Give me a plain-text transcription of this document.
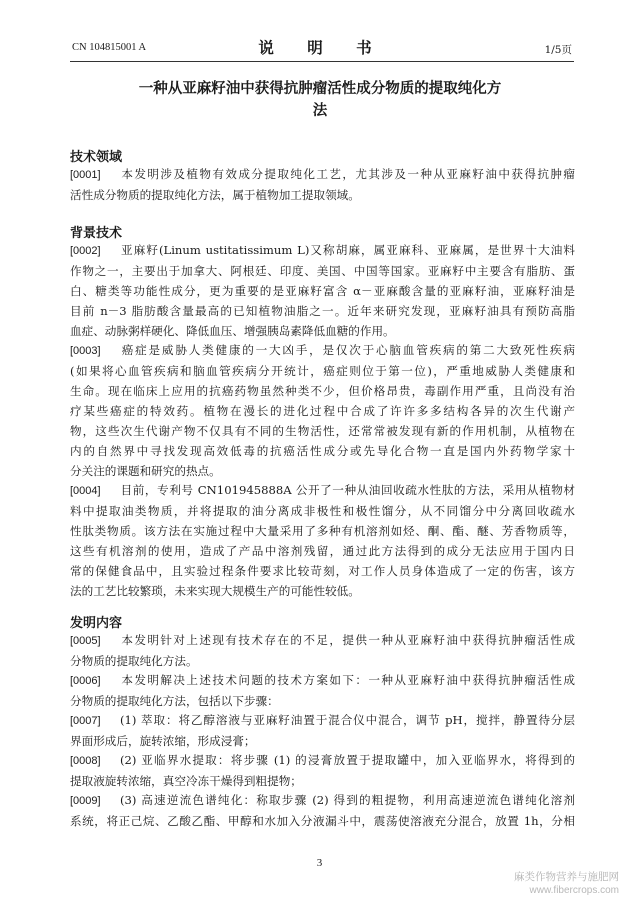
CN 104815001 A	说 明 书	1/5页
一种从亚麻籽油中获得抗肿瘤活性成分物质的提取纯化方
法
技术领域
[0001] 本发明涉及植物有效成分提取纯化工艺，尤其涉及一种从亚麻籽油中获得抗肿瘤
活性成分物质的提取纯化方法，属于植物加工提取领域。
背景技术
[0002] 亚麻籽(Linum ustitatissimum L)又称胡麻，属亚麻科、亚麻属，是世界十大油料
作物之一，主要出于加拿大、阿根廷、印度、美国、中国等国家。亚麻籽中主要含有脂肪、蛋
白、糖类等功能性成分，更为重要的是亚麻籽富含 α－亚麻酸含量的亚麻籽油，亚麻籽油是
目前 n－3 脂肪酸含量最高的已知植物油脂之一。近年来研究发现，亚麻籽油具有预防高脂
血症、动脉粥样硬化、降低血压、增强胰岛素降低血糖的作用。
[0003] 癌症是威胁人类健康的一大凶手，是仅次于心脑血管疾病的第二大致死性疾病
(如果将心血管疾病和脑血管疾病分开统计，癌症则位于第一位)，严重地威胁人类健康和
生命。现在临床上应用的抗癌药物虽然种类不少，但价格昂贵，毒副作用严重，且尚没有治
疗某些癌症的特效药。植物在漫长的进化过程中合成了许许多多结构各异的次生代谢产
物，这些次生代谢产物不仅具有不同的生物活性，还常常被发现有新的作用机制，从植物在
内的自然界中寻找发现高效低毒的抗癌活性成分或先导化合物一直是国内外药物学家十
分关注的课题和研究的热点。
[0004] 目前，专利号 CN101945888A 公开了一种从油回收疏水性肽的方法，采用从植物材
料中提取油类物质，并将提取的油分离成非极性和极性馏分，从不同馏分中分离回收疏水
性肽类物质。该方法在实施过程中大量采用了多种有机溶剂如烃、酮、酯、醚、芳香物质等，
这些有机溶剂的使用，造成了产品中溶剂残留，通过此方法得到的成分无法应用于国内日
常的保健食品中，且实验过程条件要求比较苛刻，对工作人员身体造成了一定的伤害，该方
法的工艺比较繁琐，未来实现大规模生产的可能性较低。
发明内容
[0005] 本发明针对上述现有技术存在的不足，提供一种从亚麻籽油中获得抗肿瘤活性成
分物质的提取纯化方法。
[0006] 本发明解决上述技术问题的技术方案如下：一种从亚麻籽油中获得抗肿瘤活性成
分物质的提取纯化方法，包括以下步骤：
[0007] (1) 萃取：将乙醇溶液与亚麻籽油置于混合仪中混合，调节 pH，搅拌，静置待分层
界面形成后，旋转浓缩，形成浸膏；
[0008] (2) 亚临界水提取：将步骤 (1) 的浸膏放置于提取罐中，加入亚临界水，将得到的
提取液旋转浓缩，真空冷冻干燥得到粗提物；
[0009] (3) 高速逆流色谱纯化：称取步骤 (2) 得到的粗提物，利用高速逆流色谱纯化溶剂
系统，将正己烷、乙酸乙酯、甲醇和水加入分液漏斗中，震荡使溶液充分混合，放置 1h，分相
3
麻类作物营养与施肥网
www.fibercrops.com
